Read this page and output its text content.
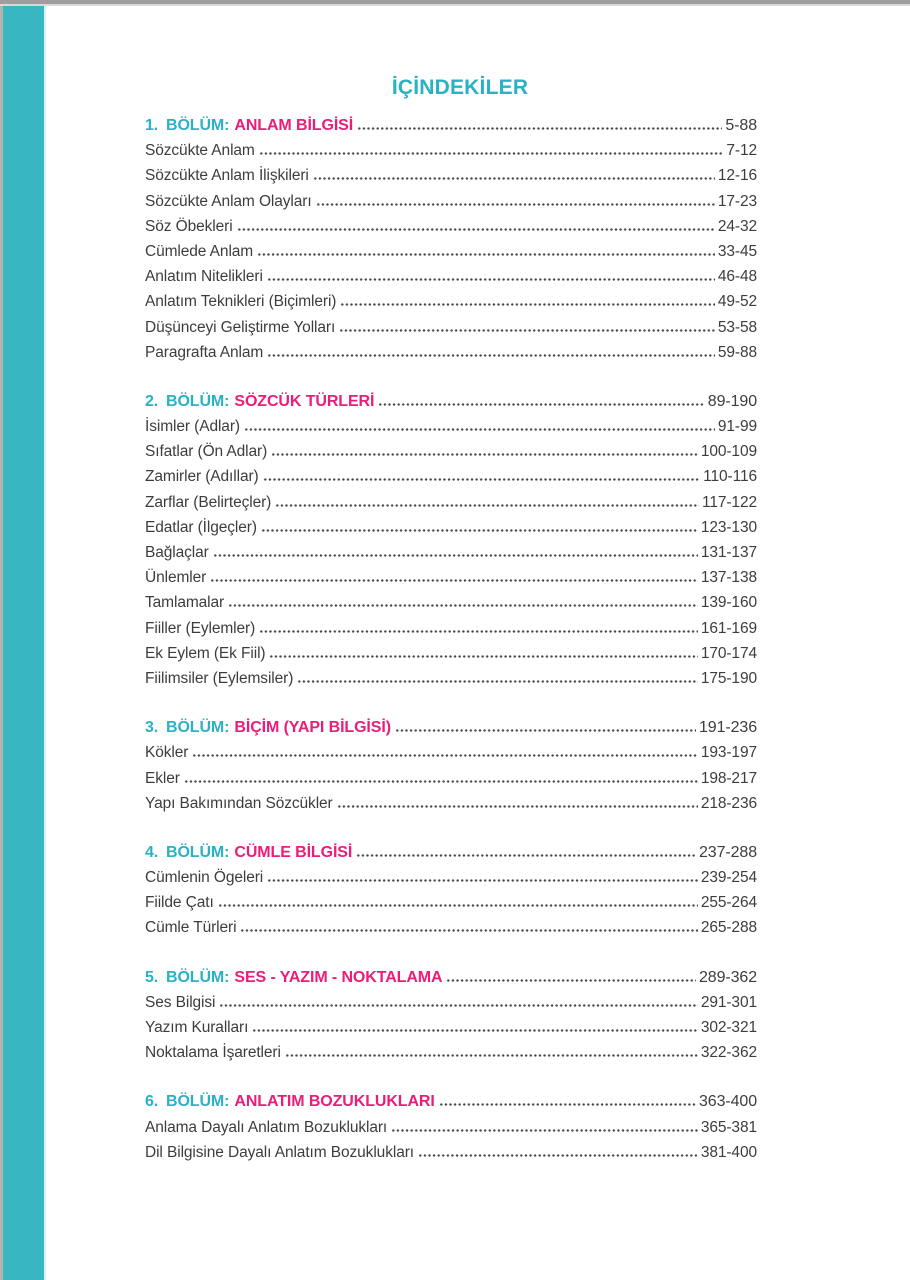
İÇİNDEKİLER
1. BÖLÜM: ANLAM BİLGİSİ	5-88
Sözcükte Anlam	7-12
Sözcükte Anlam İlişkileri	12-16
Sözcükte Anlam Olayları	17-23
Söz Öbekleri	24-32
Cümlede Anlam	33-45
Anlatım Nitelikleri	46-48
Anlatım Teknikleri (Biçimleri)	49-52
Düşünceyi Geliştirme Yolları	53-58
Paragrafta Anlam	59-88
2. BÖLÜM: SÖZCÜK TÜRLERİ	89-190
İsimler (Adlar)	91-99
Sıfatlar (Ön Adlar)	100-109
Zamirler (Adıllar)	110-116
Zarflar (Belirteçler)	117-122
Edatlar (İlgeçler)	123-130
Bağlaçlar	131-137
Ünlemler	137-138
Tamlamalar	139-160
Fiiller (Eylemler)	161-169
Ek Eylem (Ek Fiil)	170-174
Fiilimsiler (Eylemsiler)	175-190
3. BÖLÜM: BİÇİM (YAPI BİLGİSİ)	191-236
Kökler	193-197
Ekler	198-217
Yapı Bakımından Sözcükler	218-236
4. BÖLÜM: CÜMLE BİLGİSİ	237-288
Cümlenin Ögeleri	239-254
Fiilde Çatı	255-264
Cümle Türleri	265-288
5. BÖLÜM: SES - YAZIM - NOKTALAMA	289-362
Ses Bilgisi	291-301
Yazım Kuralları	302-321
Noktalama İşaretleri	322-362
6. BÖLÜM: ANLATIM BOZUKLUKLARI	363-400
Anlama Dayalı Anlatım Bozuklukları	365-381
Dil Bilgisine Dayalı Anlatım Bozuklukları	381-400
